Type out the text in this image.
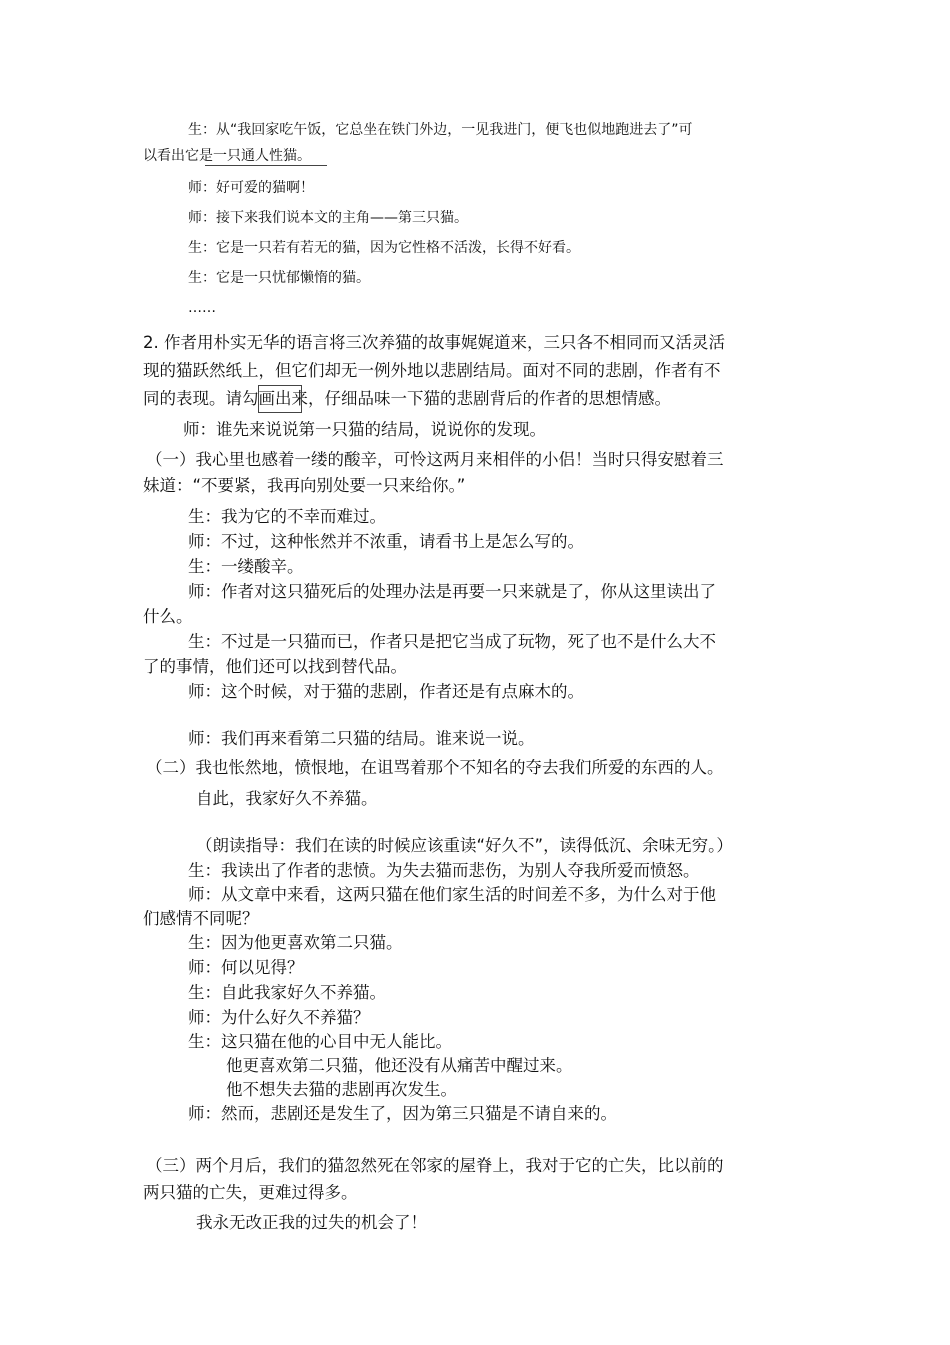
生：从“我回家吃午饭，它总坐在铁门外边，一见我进门，便飞也似地跑进去了”可
以看出它是一只通人性猫。
师：好可爱的猫啊！
师：接下来我们说本文的主角——第三只猫。
生：它是一只若有若无的猫，因为它性格不活泼，长得不好看。
生：它是一只忧郁懒惰的猫。
……
2. 作者用朴实无华的语言将三次养猫的故事娓娓道来，三只各不相同而又活灵活
现的猫跃然纸上，但它们却无一例外地以悲剧结局。面对不同的悲剧，作者有不
同的表现。请勾画出来，仔细品味一下猫的悲剧背后的作者的思想情感。
师：谁先来说说第一只猫的结局，说说你的发现。
（一）我心里也感着一缕的酸辛，可怜这两月来相伴的小侣！当时只得安慰着三
妹道：“不要紧，我再向别处要一只来给你。”
生：我为它的不幸而难过。
师：不过，这种怅然并不浓重，请看书上是怎么写的。
生：一缕酸辛。
师：作者对这只猫死后的处理办法是再要一只来就是了，你从这里读出了
什么。
生：不过是一只猫而已，作者只是把它当成了玩物，死了也不是什么大不
了的事情，他们还可以找到替代品。
师：这个时候，对于猫的悲剧，作者还是有点麻木的。
师：我们再来看第二只猫的结局。谁来说一说。
（二）我也怅然地，愤恨地，在诅骂着那个不知名的夺去我们所爱的东西的人。
自此，我家好久不养猫。
（朗读指导：我们在读的时候应该重读“好久不”，读得低沉、余味无穷。）
生：我读出了作者的悲愤。为失去猫而悲伤，为别人夺我所爱而愤怒。
师：从文章中来看，这两只猫在他们家生活的时间差不多，为什么对于他
们感情不同呢？
生：因为他更喜欢第二只猫。
师：何以见得？
生：自此我家好久不养猫。
师：为什么好久不养猫？
生：这只猫在他的心目中无人能比。
他更喜欢第二只猫，他还没有从痛苦中醒过来。
他不想失去猫的悲剧再次发生。
师：然而，悲剧还是发生了，因为第三只猫是不请自来的。
（三）两个月后，我们的猫忽然死在邻家的屋脊上，我对于它的亡失，比以前的
两只猫的亡失，更难过得多。
我永无改正我的过失的机会了！
